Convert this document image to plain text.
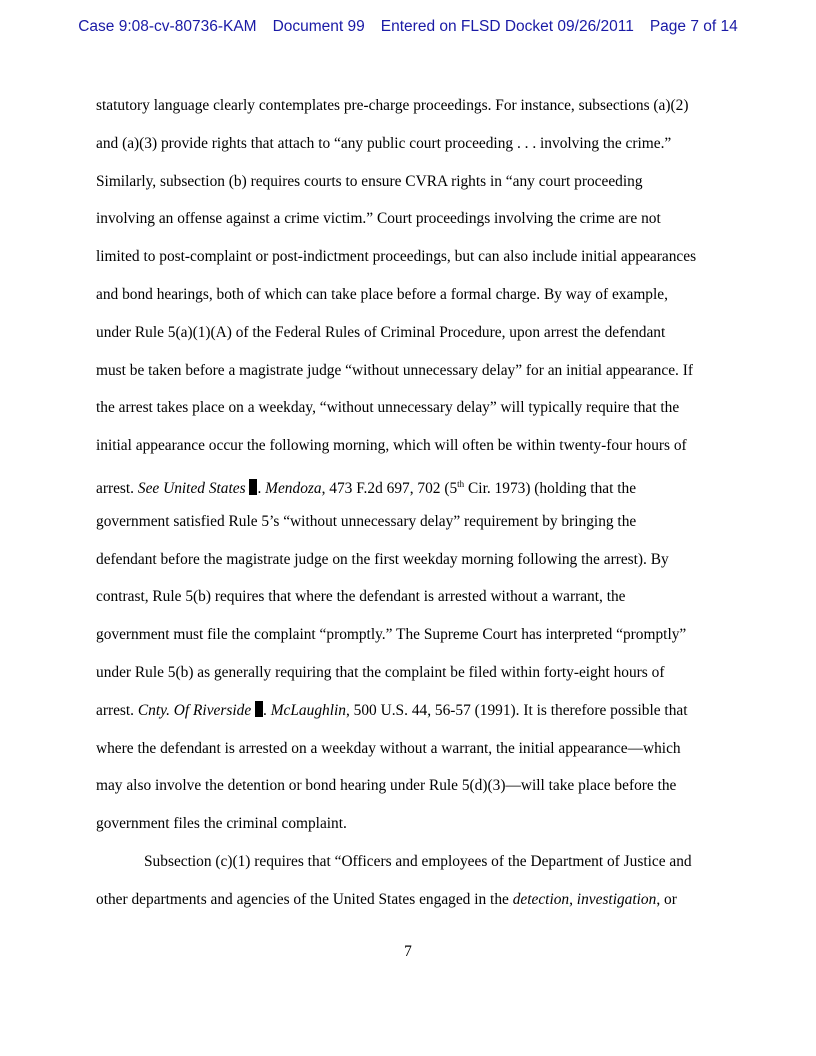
Case 9:08-cv-80736-KAM Document 99 Entered on FLSD Docket 09/26/2011 Page 7 of 14
statutory language clearly contemplates pre-charge proceedings. For instance, subsections (a)(2)
and (a)(3) provide rights that attach to “any public court proceeding . . . involving the crime.”
Similarly, subsection (b) requires courts to ensure CVRA rights in “any court proceeding
involving an offense against a crime victim.” Court proceedings involving the crime are not
limited to post-complaint or post-indictment proceedings, but can also include initial appearances
and bond hearings, both of which can take place before a formal charge. By way of example,
under Rule 5(a)(1)(A) of the Federal Rules of Criminal Procedure, upon arrest the defendant
must be taken before a magistrate judge “without unnecessary delay” for an initial appearance. If
the arrest takes place on a weekday, “without unnecessary delay” will typically require that the
initial appearance occur the following morning, which will often be within twenty-four hours of
arrest. See United States . Mendoza, 473 F.2d 697, 702 (5th Cir. 1973) (holding that the
government satisfied Rule 5’s “without unnecessary delay” requirement by bringing the
defendant before the magistrate judge on the first weekday morning following the arrest). By
contrast, Rule 5(b) requires that where the defendant is arrested without a warrant, the
government must file the complaint “promptly.” The Supreme Court has interpreted “promptly”
under Rule 5(b) as generally requiring that the complaint be filed within forty-eight hours of
arrest. Cnty. Of Riverside . McLaughlin, 500 U.S. 44, 56-57 (1991). It is therefore possible that
where the defendant is arrested on a weekday without a warrant, the initial appearance—which
may also involve the detention or bond hearing under Rule 5(d)(3)—will take place before the
government files the criminal complaint.
Subsection (c)(1) requires that “Officers and employees of the Department of Justice and
other departments and agencies of the United States engaged in the detection, investigation, or
7
